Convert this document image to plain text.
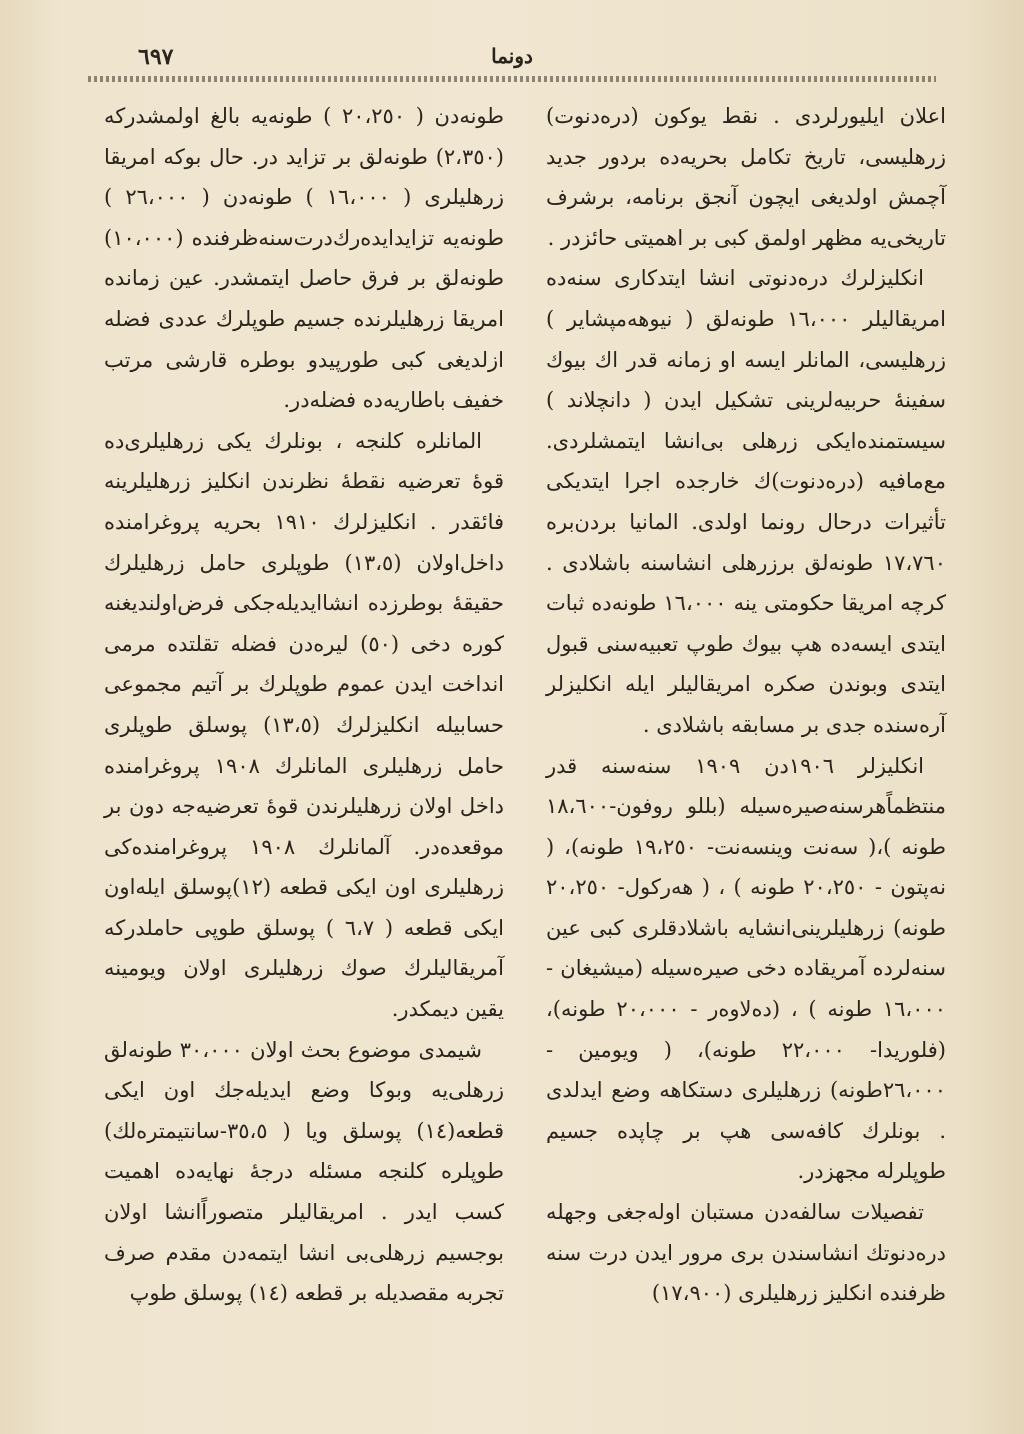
٦٩٧	دونما

اعلان ایلیورلردی . نقط یوکون (دره‌دنوت) زرهلیسی، تاریخ تکامل بحریه‌ده بردور جدید آچمش اولدیغی ایچون آنجق برنامه، برشرف تاریخی‌یه مظهر اولمق کبی بر اهمیتی حائزدر .

انکلیزلرك دره‌دنوتی انشا ایتدکاری سنه‌ده امریقالیلر ١٦،٠٠٠ طونه‌لق ( نیوهه‌مپشایر ) زرهلیسی، المانلر ایسه او زمانه قدر اك بیوك سفینهٔ حربیه‌لرینی تشکیل ایدن ( دانچلاند ) سیستمنده‌ایکی زرهلی بی‌انشا ایتمشلردی. مع‌مافیه (دره‌دنوت)ك خارجده اجرا ایتدیکی تأثیرات درحال رونما اولدی. المانیا بردن‌بره ١٧،٧٦٠ طونه‌لق برزرهلی انشاسنه باشلادی . کرچه امریقا حکومتی ینه ١٦،٠٠٠ طونه‌ده ثبات ایتدی ایسه‌ده هپ بیوك طوپ تعبیه‌سنی قبول ایتدی وبوندن صکره امریقالیلر ایله انکلیزلر آره‌سنده جدی بر مسابقه باشلادی .

انکلیزلر ١٩٠٦دن ١٩٠٩ سنه‌سنه قدر منتظماًهرسنه‌صیره‌سیله (بللو روفون-١٨،٦٠٠ طونه )،( سه‌نت وینسه‌نت- ١٩،٢٥٠ طونه)، ( نه‌پتون - ٢٠،٢٥٠ طونه ) ، ( هه‌رکول- ٢٠،٢٥٠ طونه) زرهلیلرینی‌انشایه باشلادقلری کبی عین سنه‌لرده آمریقاده دخی صیره‌سیله (میشیغان - ١٦،٠٠٠ طونه ) ، (ده‌لاوەر - ٢٠،٠٠٠ طونه)، (فلوریدا- ٢٢،٠٠٠ طونه)، ( ویومین - ٢٦،٠٠٠طونه) زرهلیلری دستکاهه وضع ایدلدی . بونلرك کافه‌سی هپ بر چاپده جسیم طوپلرله مجهزدر.

تفصیلات سالفه‌دن مستبان اوله‌جغی وجهله دره‌دنوتك انشاسندن بری مرور ایدن درت سنه ظرفنده انکلیز زرهلیلری (١٧،٩٠٠)

طونه‌دن ( ٢٠،٢٥٠ ) طونه‌یه بالغ اولمشدرکه (٢،٣٥٠) طونه‌لق بر تزاید در. حال بوکه امریقا زرهلیلری ( ١٦،٠٠٠ ) طونه‌دن ( ٢٦،٠٠٠ ) طونه‌یه تزایدایدەرك‌درت‌سنه‌ظرفنده (١٠،٠٠٠) طونه‌لق بر فرق حاصل ایتمشدر. عین زمانده امریقا زرهلیلرنده جسیم طوپلرك عددی فضله ازلدیغی کبی طورپیدو بوطره قارشی مرتب خفیف باطاریه‌ده فضله‌در.

المانلره کلنجه ، بونلرك یکی زرهلیلری‌ده قوهٔ تعرضیه نقطهٔ نظرندن انکلیز زرهلیلرینه فائقدر . انکلیزلرك ١٩١٠ بحریه پروغرامنده داخل‌اولان (١٣،٥) طوپلری حامل زرهلیلرك حقیقهٔ بوطرزده انشاایدیله‌جکی فرض‌اولندیغنه کوره دخی (٥٠) لیره‌دن فضله تقلتده مرمی انداخت ایدن عموم طوپلرك بر آتیم مجموعی حسابیله انکلیزلرك (١٣،٥) پوسلق طوپلری حامل زرهلیلری المانلرك ١٩٠٨ پروغرامنده داخل اولان زرهلیلرندن قوهٔ تعرضیه‌جه دون بر موقعده‌در. آلمانلرك ١٩٠٨ پروغرامنده‌کی زرهلیلری اون ایکی قطعه (١٢)پوسلق ایله‌اون ایکی قطعه ( ٦،٧ ) پوسلق طوپی حاملدرکه آمریقالیلرك صوك زرهلیلری اولان ویومینه یقین دیمکدر.

شیمدی موضوع بحث اولان ٣٠،٠٠٠ طونه‌لق زرهلی‌یه وبوکا وضع ایدیله‌جك اون ایکی قطعه(١٤) پوسلق ویا ( ٣٥،٥-سانتیمترەلك) طوپلره کلنجه مسئله درجهٔ نهایه‌ده اهمیت کسب ایدر . امریقالیلر متصوراًانشا اولان بوجسیم زرهلی‌بی انشا ایتمه‌دن مقدم صرف تجربه مقصدیله بر قطعه (١٤) پوسلق طوپ
